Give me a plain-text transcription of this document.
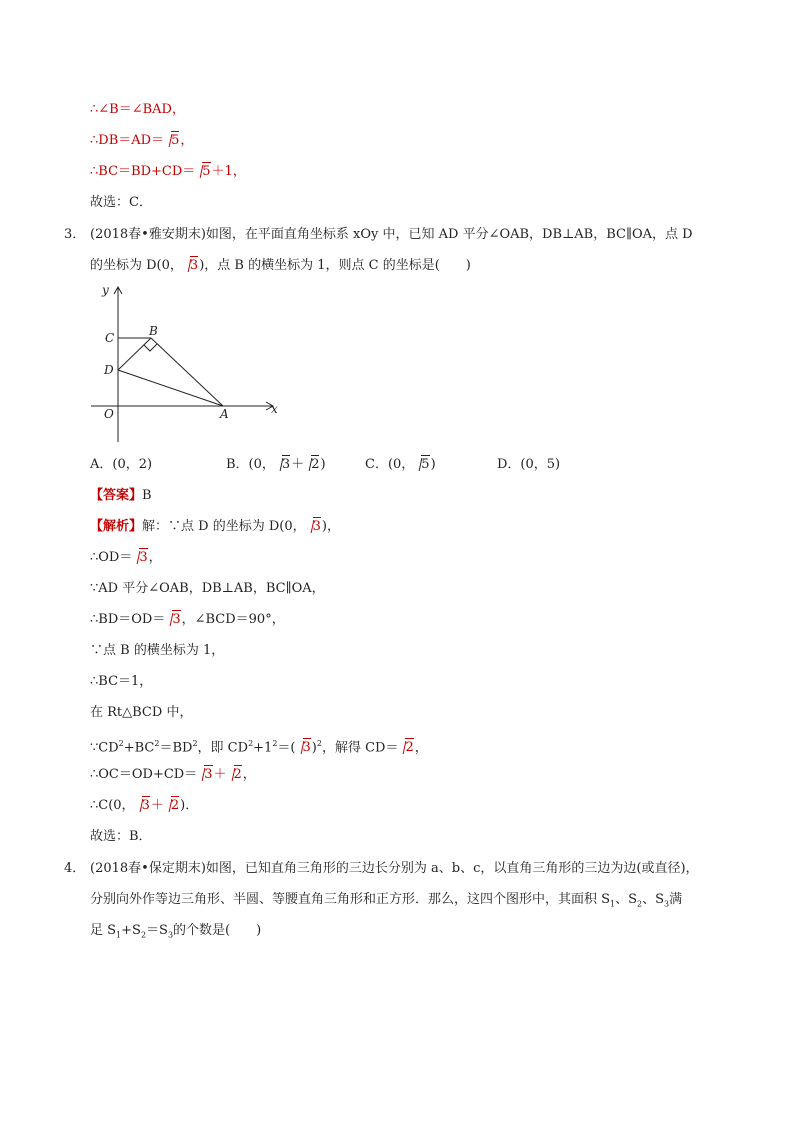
∴∠B＝∠BAD，
∴DB＝AD＝ 5，
∴BC＝BD+CD＝ 5＋1，
故选：C．
3． (2018春•雅安期末)如图，在平面直角坐标系 xOy 中，已知 AD 平分∠OAB，DB⊥AB，BC∥OA，点 D
的坐标为 D(0， 3)，点 B 的横坐标为 1，则点 C 的坐标是(　　)
y
x
O	A
B
C
D
A．(0，2)	B．(0， 3＋ 2)	C．(0， 5)	D．(0，5)
【答案】B
【解析】解：∵点 D 的坐标为 D(0， 3)，
∴OD＝ 3，
∵AD 平分∠OAB，DB⊥AB，BC∥OA，
∴BD＝OD＝ 3，∠BCD＝90°，
∵点 B 的横坐标为 1，
∴BC＝1，
在 Rt△BCD 中，
$\because CD^2+BC^2=BD^2$，即 $CD^2+1^2=$( 3)$^2$，解得 CD＝ 2，
∴OC＝OD+CD＝ 3＋ 2，
∴C(0， 3＋ 2)．
故选：B．
4． (2018春•保定期末)如图，已知直角三角形的三边长分别为 a、b、c，以直角三角形的三边为边(或直径)，
分别向外作等边三角形、半圆、等腰直角三角形和正方形．那么，这四个图形中，其面积 $S_1$、$S_2$、$S_3$满
足 $S_1+S_2=S_3$的个数是(　　)
